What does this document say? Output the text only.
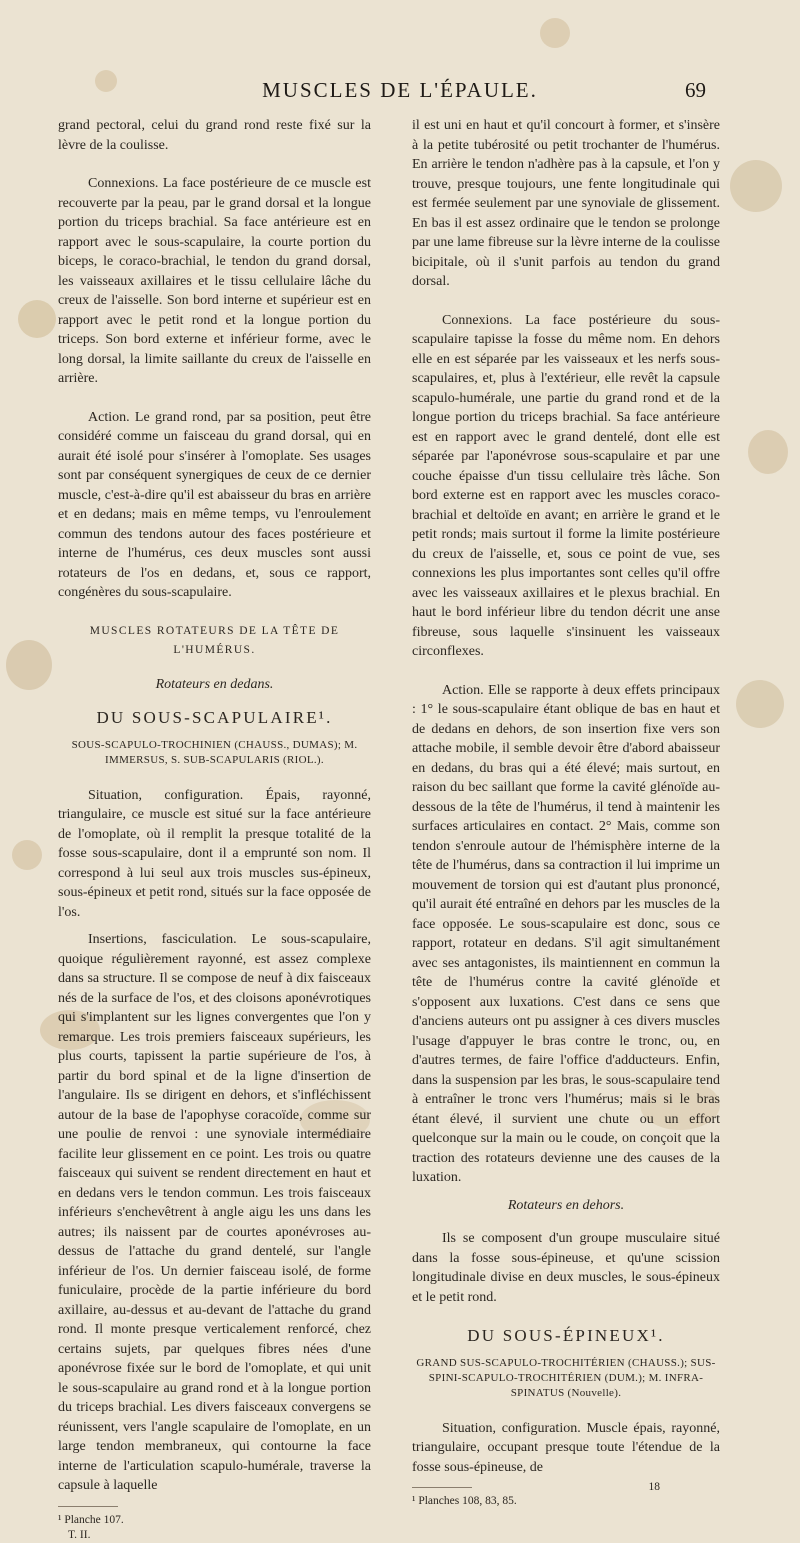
MUSCLES DE L'ÉPAULE.	69

grand pectoral, celui du grand rond reste fixé sur la lèvre de la coulisse.

Connexions. La face postérieure de ce muscle est recouverte par la peau, par le grand dorsal et la longue portion du triceps brachial. Sa face antérieure est en rapport avec le sous-scapulaire, la courte portion du biceps, le coraco-brachial, le tendon du grand dorsal, les vaisseaux axillaires et le tissu cellulaire lâche du creux de l'aisselle. Son bord interne et supérieur est en rapport avec le petit rond et la longue portion du triceps. Son bord externe et inférieur forme, avec le long dorsal, la limite saillante du creux de l'aisselle en arrière.

Action. Le grand rond, par sa position, peut être considéré comme un faisceau du grand dorsal, qui en aurait été isolé pour s'insérer à l'omoplate. Ses usages sont par conséquent synergiques de ceux de ce dernier muscle, c'est-à-dire qu'il est abaisseur du bras en arrière et en dedans; mais en même temps, vu l'enroulement commun des tendons autour des faces postérieure et interne de l'humérus, ces deux muscles sont aussi rotateurs de l'os en dedans, et, sous ce rapport, congénères du sous-scapulaire.

MUSCLES ROTATEURS DE LA TÊTE DE L'HUMÉRUS.
Rotateurs en dedans.
DU SOUS-SCAPULAIRE¹.
SOUS-SCAPULO-TROCHINIEN (CHAUSS., DUMAS); M. IMMERSUS, S. SUB-SCAPULARIS (RIOL.).

Situation, configuration. Épais, rayonné, triangulaire, ce muscle est situé sur la face antérieure de l'omoplate, où il remplit la presque totalité de la fosse sous-scapulaire, dont il a emprunté son nom. Il correspond à lui seul aux trois muscles sus-épineux, sous-épineux et petit rond, situés sur la face opposée de l'os.

Insertions, fasciculation. Le sous-scapulaire, quoique régulièrement rayonné, est assez complexe dans sa structure. Il se compose de neuf à dix faisceaux nés de la surface de l'os, et des cloisons aponévrotiques qui s'implantent sur les lignes convergentes que l'on y remarque. Les trois premiers faisceaux supérieurs, les plus courts, tapissent la partie supérieure de l'os, à partir du bord spinal et de la ligne d'insertion de l'angulaire. Ils se dirigent en dehors, et s'infléchissent autour de la base de l'apophyse coracoïde, comme sur une poulie de renvoi : une synoviale intermédiaire facilite leur glissement en ce point. Les trois ou quatre faisceaux qui suivent se rendent directement en haut et en dedans vers le tendon commun. Les trois faisceaux inférieurs s'enchevêtrent à angle aigu les uns dans les autres; ils naissent par de courtes aponévroses au-dessus de l'attache du grand dentelé, sur l'angle inférieur de l'os. Un dernier faisceau isolé, de forme funiculaire, procède de la partie inférieure du bord axillaire, au-dessus et au-devant de l'attache du grand rond. Il monte presque verticalement renforcé, chez certains sujets, par quelques fibres nées d'une aponévrose fixée sur le bord de l'omoplate, et qui unit le sous-scapulaire au grand rond et à la longue portion du triceps brachial. Les divers faisceaux convergens se réunissent, vers l'angle scapulaire de l'omoplate, en un large tendon membraneux, qui contourne la face interne de l'articulation scapulo-humérale, traverse la capsule à laquelle

¹ Planche 107.
T. II.

il est uni en haut et qu'il concourt à former, et s'insère à la petite tubérosité ou petit trochanter de l'humérus. En arrière le tendon n'adhère pas à la capsule, et l'on y trouve, presque toujours, une fente longitudinale qui est fermée seulement par une synoviale de glissement. En bas il est assez ordinaire que le tendon se prolonge par une lame fibreuse sur la lèvre interne de la coulisse bicipitale, où il s'unit parfois au tendon du grand dorsal.

Connexions. La face postérieure du sous-scapulaire tapisse la fosse du même nom. En dehors elle en est séparée par les vaisseaux et les nerfs sous-scapulaires, et, plus à l'extérieur, elle revêt la capsule scapulo-humérale, une partie du grand rond et de la longue portion du triceps brachial. Sa face antérieure est en rapport avec le grand dentelé, dont elle est séparée par l'aponévrose sous-scapulaire et par une couche épaisse d'un tissu cellulaire très lâche. Son bord externe est en rapport avec les muscles coraco-brachial et deltoïde en avant; en arrière le grand et le petit ronds; mais surtout il forme la limite postérieure du creux de l'aisselle, et, sous ce point de vue, ses connexions les plus importantes sont celles qu'il offre avec les vaisseaux axillaires et le plexus brachial. En haut le bord inférieur libre du tendon décrit une anse fibreuse, sous laquelle s'insinuent les vaisseaux circonflexes.

Action. Elle se rapporte à deux effets principaux : 1° le sous-scapulaire étant oblique de bas en haut et de dedans en dehors, de son insertion fixe vers son attache mobile, il semble devoir être d'abord abaisseur en dedans, du bras qui a été élevé; mais surtout, en raison du bec saillant que forme la cavité glénoïde au-dessous de la tête de l'humérus, il tend à maintenir les surfaces articulaires en contact. 2° Mais, comme son tendon s'enroule autour de l'hémisphère interne de la tête de l'humérus, dans sa contraction il lui imprime un mouvement de torsion qui est d'autant plus prononcé, qu'il aurait été entraîné en dehors par les muscles de la face opposée. Le sous-scapulaire est donc, sous ce rapport, rotateur en dedans. S'il agit simultanément avec ses antagonistes, ils maintiennent en commun la tête de l'humérus contre la cavité glénoïde et s'opposent aux luxations. C'est dans ce sens que d'anciens auteurs ont pu assigner à ces divers muscles l'usage d'appuyer le bras contre le tronc, ou, en d'autres termes, de faire l'office d'adducteurs. Enfin, dans la suspension par les bras, le sous-scapulaire tend à entraîner le tronc vers l'humérus; mais si le bras étant élevé, il survient une chute ou un effort quelconque sur la main ou le coude, on conçoit que la traction des rotateurs devienne une des causes de la luxation.

Rotateurs en dehors.

Ils se composent d'un groupe musculaire situé dans la fosse sous-épineuse, et qu'une scission longitudinale divise en deux muscles, le sous-épineux et le petit rond.

DU SOUS-ÉPINEUX¹.
GRAND SUS-SCAPULO-TROCHITÉRIEN (CHAUSS.); SUS-SPINI-SCAPULO-TROCHITÉRIEN (DUM.); M. INFRA-SPINATUS (Nouvelle).

Situation, configuration. Muscle épais, rayonné, triangulaire, occupant presque toute l'étendue de la fosse sous-épineuse, de

¹ Planches 108, 83, 85.
18
